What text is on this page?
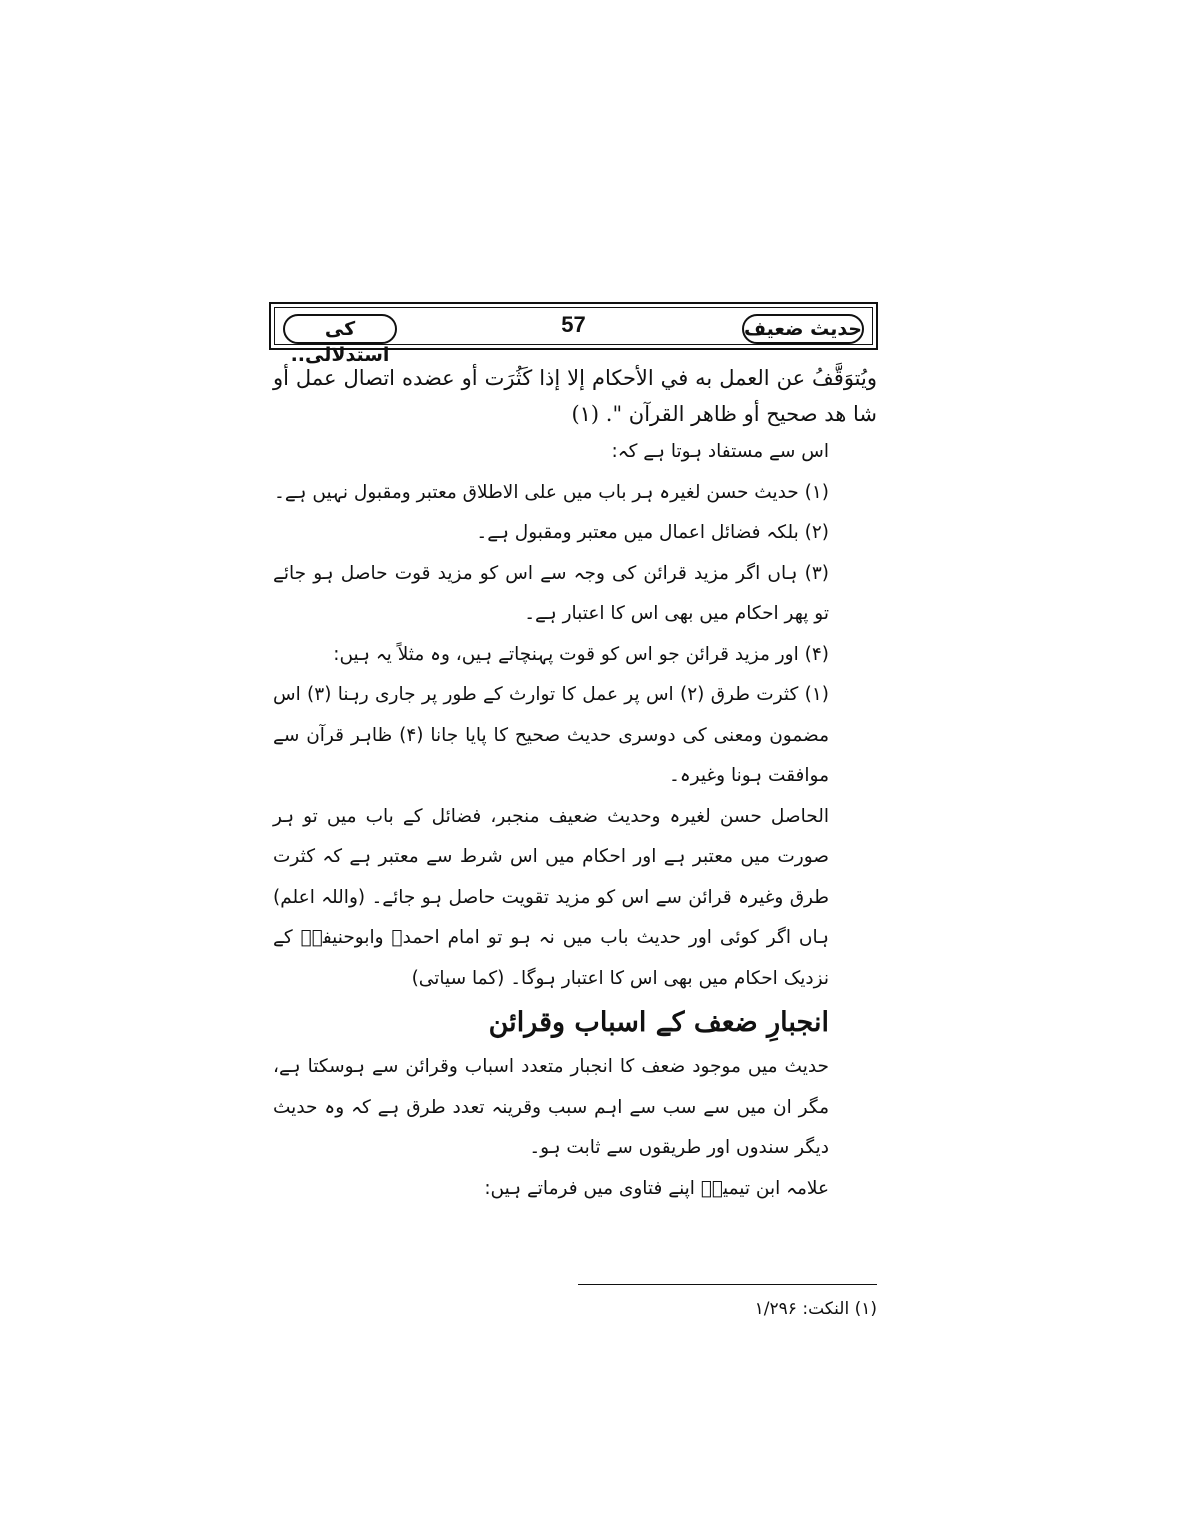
کی استدلالی..
57	حدیث ضعیف

ویُتوَقَّفُ عن العمل به في الأحکام إلا إذا کَثُرَت أو عضده اتصال عمل أو شا هد صحیح أو ظاهر القرآن ". (۱)

اس سے مستفاد ہوتا ہے کہ:

(۱) حدیث حسن لغیرہ ہر باب میں علی الاطلاق معتبر ومقبول نہیں ہے۔

(۲) بلکہ فضائل اعمال میں معتبر ومقبول ہے۔

(۳) ہاں اگر مزید قرائن کی وجہ سے اس کو مزید قوت حاصل ہو جائے تو پھر احکام میں بھی اس کا اعتبار ہے۔

(۴) اور مزید قرائن جو اس کو قوت پہنچاتے ہیں، وہ مثلاً یہ ہیں:

(۱) کثرت طرق (۲) اس پر عمل کا توارث کے طور پر جاری رہنا (۳) اس مضمون ومعنی کی دوسری حدیث صحیح کا پایا جانا (۴) ظاہر قرآن سے موافقت ہونا وغیرہ۔

الحاصل حسن لغیرہ وحدیث ضعیف منجبر، فضائل کے باب میں تو ہر صورت میں معتبر ہے اور احکام میں اس شرط سے معتبر ہے کہ کثرت طرق وغیرہ قرائن سے اس کو مزید تقویت حاصل ہو جائے۔ (واللہ اعلم) ہاں اگر کوئی اور حدیث باب میں نہ ہو تو امام احمدؒ وابوحنیفہؒ کے نزدیک احکام میں بھی اس کا اعتبار ہوگا۔ (کما سیاتی)

انجبارِ ضعف کے اسباب وقرائن

حدیث میں موجود ضعف کا انجبار متعدد اسباب وقرائن سے ہوسکتا ہے، مگر ان میں سے سب سے اہم سبب وقرینہ تعدد طرق ہے کہ وہ حدیث دیگر سندوں اور طریقوں سے ثابت ہو۔

علامہ ابن تیمیہؒ اپنے فتاوی میں فرماتے ہیں:

(۱) النکت: ۱/۲۹۶
